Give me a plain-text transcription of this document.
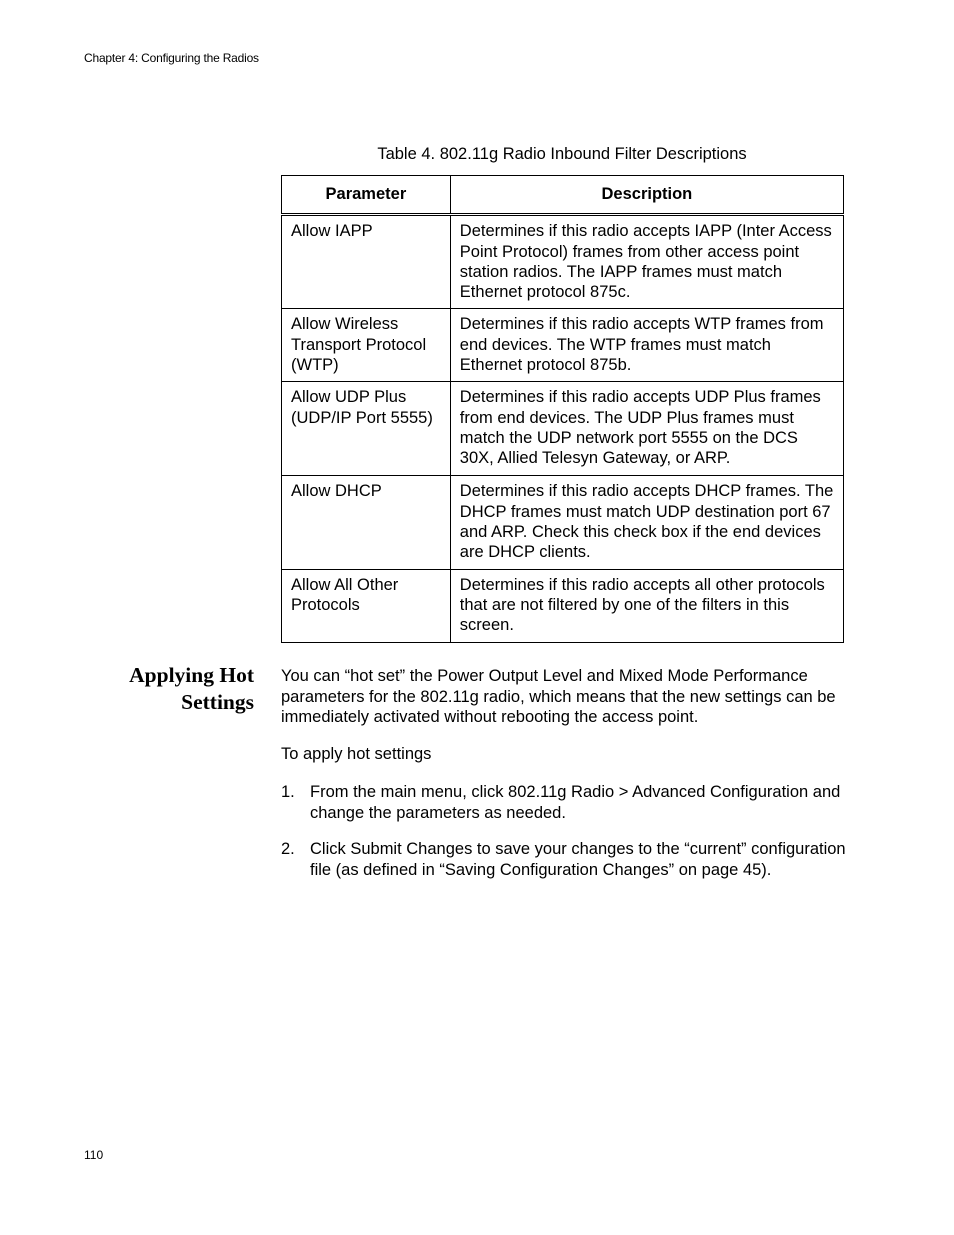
Chapter 4: Configuring the Radios
Table 4. 802.11g Radio Inbound Filter Descriptions
Parameter	Description
Allow IAPP	Determines if this radio accepts IAPP (Inter Access Point Protocol) frames from other access point station radios. The IAPP frames must match Ethernet protocol 875c.
Allow Wireless Transport Protocol (WTP)	Determines if this radio accepts WTP frames from end devices. The WTP frames must match Ethernet protocol 875b.
Allow UDP Plus (UDP/IP Port 5555)	Determines if this radio accepts UDP Plus frames from end devices. The UDP Plus frames must match the UDP network port 5555 on the DCS 30X, Allied Telesyn Gateway, or ARP.
Allow DHCP	Determines if this radio accepts DHCP frames. The DHCP frames must match UDP destination port 67 and ARP. Check this check box if the end devices are DHCP clients.
Allow All Other Protocols	Determines if this radio accepts all other protocols that are not filtered by one of the filters in this screen.
Applying Hot
Settings
You can “hot set” the Power Output Level and Mixed Mode Performance parameters for the 802.11g radio, which means that the new settings can be immediately activated without rebooting the access point.
To apply hot settings
1. From the main menu, click 802.11g Radio > Advanced Configuration and change the parameters as needed.
2. Click Submit Changes to save your changes to the “current” configuration file (as defined in “Saving Configuration Changes” on page 45).
110
